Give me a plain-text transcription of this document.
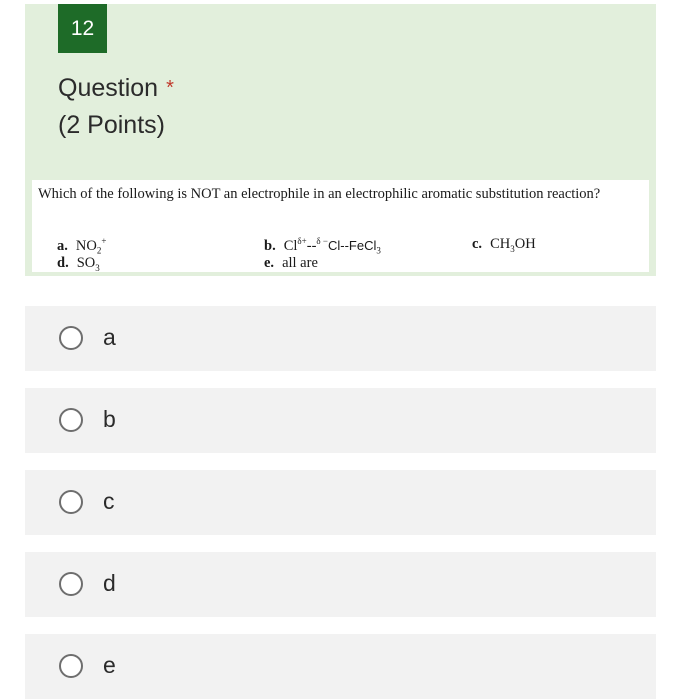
12
Question *
(2 Points)
Which of the following is NOT an electrophile in an electrophilic aromatic substitution reaction?
a. $NO_2^+$	b. $Cl^{\delta+}--^{\delta -}Cl--FeCl_3$	c. $CH_3OH$
d. $SO_3$	e. all are
a
b
c
d
e
